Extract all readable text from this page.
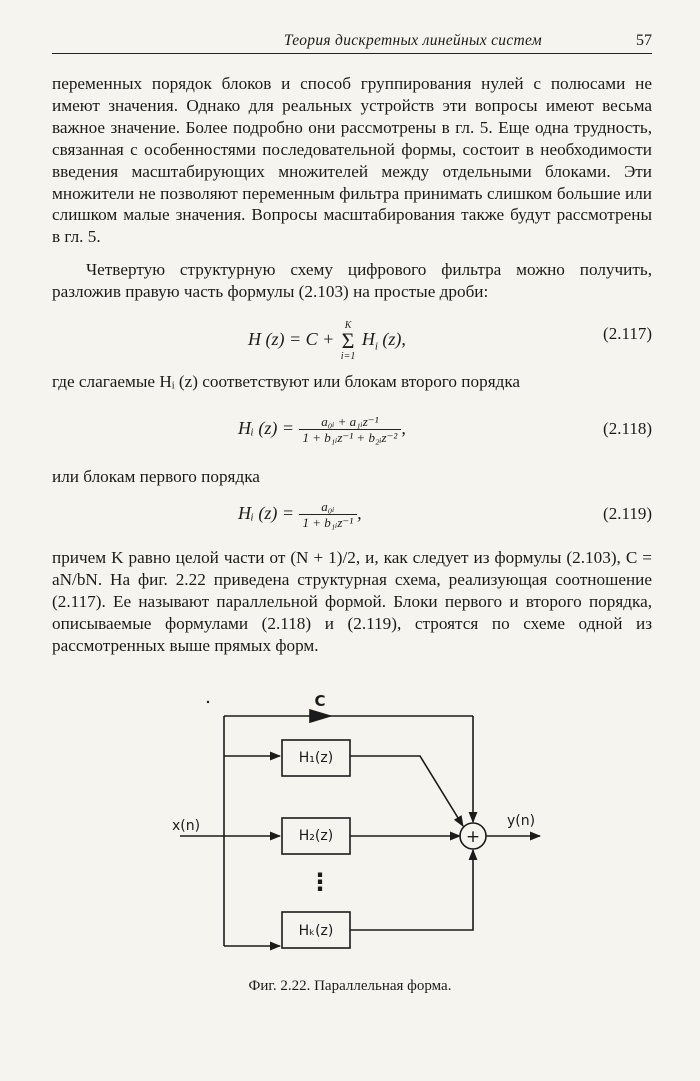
Теория дискретных линейных систем	57
переменных порядок блоков и способ группирования нулей с полюсами не имеют значения. Однако для реальных устройств эти вопросы имеют весьма важное значение. Более подробно они рассмотрены в гл. 5. Еще одна трудность, связанная с особенностями последовательной формы, состоит в необходимости введения масштабирующих множителей между отдельными блоками. Эти множители не позволяют переменным фильтра принимать слишком большие или слишком малые значения. Вопросы масштабирования также будут рассмотрены в гл. 5.
Четвертую структурную схему цифрового фильтра можно получить, разложив правую часть формулы (2.103) на простые дроби:
H (z) = C +
K
Σ
i=1
$H_i$ (z),	(2.117)
где слагаемые Hᵢ (z) соответствуют или блокам второго порядка
Hᵢ $(z) = \frac{\text{a₀ᵢ + a₁ᵢz⁻¹}}{\text{1 + b₁ᵢz⁻¹ + b₂ᵢz⁻²}}$ ,	(2.118)
или блокам первого порядка
Hᵢ $(z) = \frac{\text{a₀ᵢ}}{\text{1 + b₁ᵢz⁻¹}}$ ,	(2.119)
причем K равно целой части от (N + 1)/2, и, как следует из формулы (2.103), C = aN/bN. На фиг. 2.22 приведена структурная схема, реализующая соотношение (2.117). Ее называют параллельной формой. Блоки первого и второго порядка, описываемые формулами (2.118) и (2.119), строятся по схеме одной из рассмотренных выше прямых форм.
+
C
x(n)	y(n)
H₁(z)
H₂(z)
Hₖ(z)
⋮
Фиг. 2.22. Параллельная форма.
